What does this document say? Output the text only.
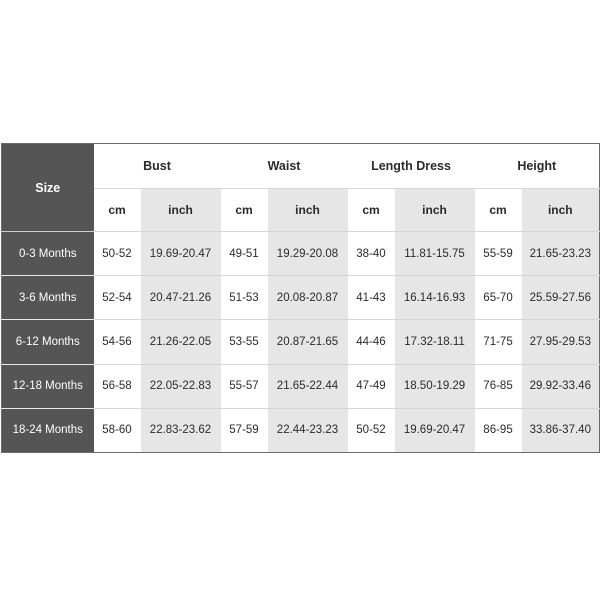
Size	Bust		Waist		Length Dress		Height	
	cm	inch	cm	inch	cm	inch	cm	inch
0-3 Months	50-52	19.69-20.47	49-51	19.29-20.08	38-40	11.81-15.75	55-59	21.65-23.23
3-6 Months	52-54	20.47-21.26	51-53	20.08-20.87	41-43	16.14-16.93	65-70	25.59-27.56
6-12 Months	54-56	21.26-22.05	53-55	20.87-21.65	44-46	17.32-18.11	71-75	27.95-29.53
12-18 Months	56-58	22.05-22.83	55-57	21.65-22.44	47-49	18.50-19.29	76-85	29.92-33.46
18-24 Months	58-60	22.83-23.62	57-59	22.44-23.23	50-52	19.69-20.47	86-95	33.86-37.40
